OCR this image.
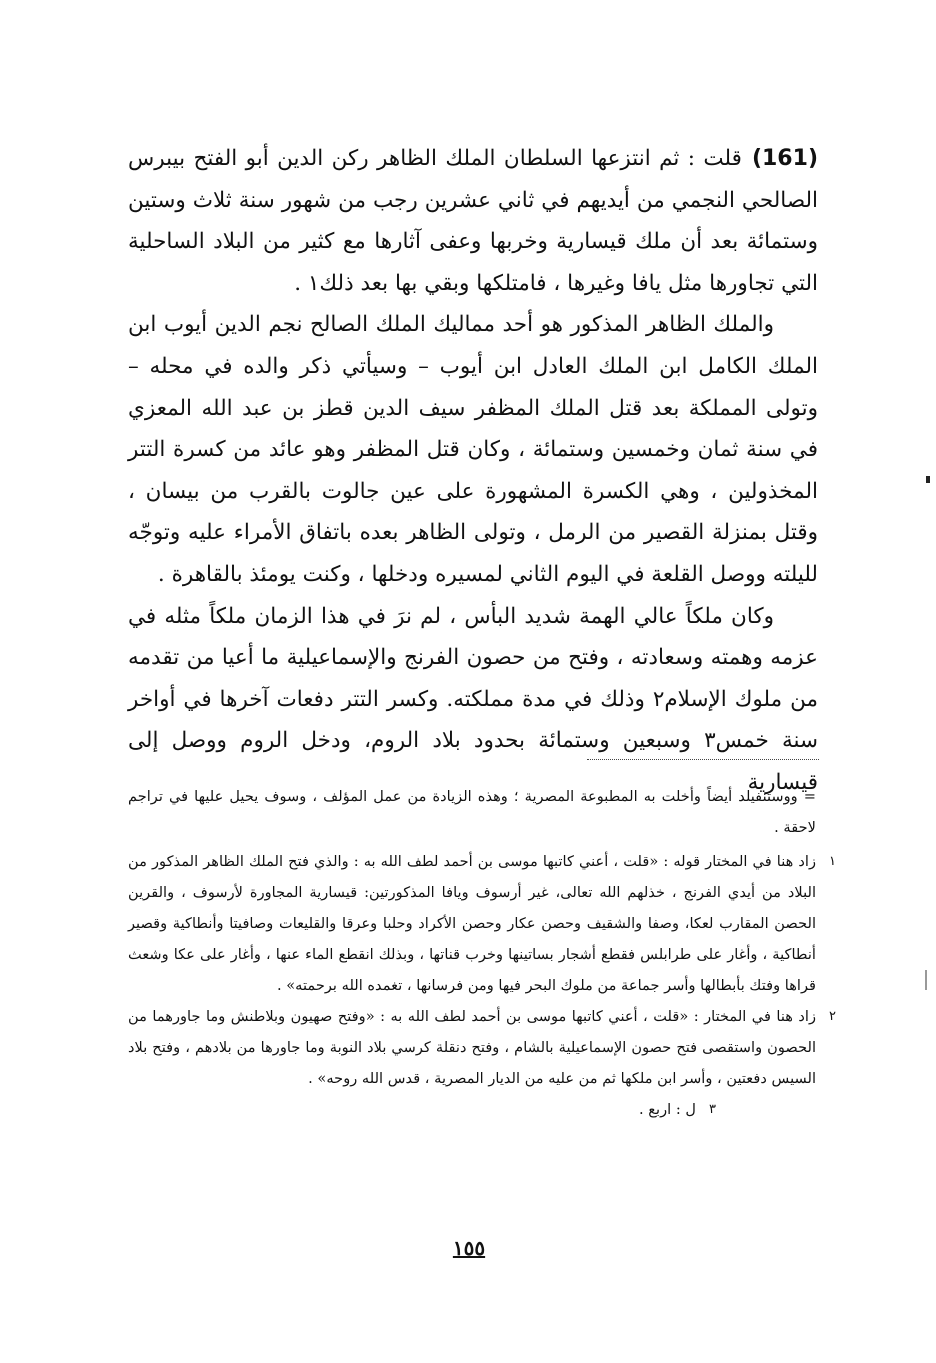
(161)قلت : ثم انتزعها السلطان الملك الظاهر ركن الدين أبو الفتح بيبرس الصالحي النجمي من أيديهم في ثاني عشرين رجب من شهور سنة ثلاث وستين وستمائة بعد أن ملك قيسارية وخربها وعفى آثارها مع كثير من البلاد الساحلية التي تجاورها مثل يافا وغيرها ، فامتلكها وبقي بها بعد ذلك١ .

والملك الظاهر المذكور هو أحد مماليك الملك الصالح نجم الدين أيوب ابن الملك الكامل ابن الملك العادل ابن أيوب – وسيأتي ذكر والده في محله – وتولى المملكة بعد قتل الملك المظفر سيف الدين قطز بن عبد الله المعزي في سنة ثمان وخمسين وستمائة ، وكان قتل المظفر وهو عائد من كسرة التتر المخذولين ، وهي الكسرة المشهورة على عين جالوت بالقرب من بيسان ، وقتل بمنزلة القصير من الرمل ، وتولى الظاهر بعده باتفاق الأمراء عليه وتوجّه لليلته ووصل القلعة في اليوم الثاني لمسيره ودخلها ، وكنت يومئذ بالقاهرة .

وكان ملكاً عالي الهمة شديد البأس ، لم نرَ في هذا الزمان ملكاً مثله في عزمه وهمته وسعادته ، وفتح من حصون الفرنج والإسماعيلية ما أعيا من تقدمه من ملوك الإسلام٢ وذلك في مدة مملكته. وكسر التتر دفعات آخرها في أواخر سنة خمس٣ وسبعين وستمائة بحدود بلاد الروم، ودخل الروم ووصل إلى قيسارية

= ووستنفيلد أيضاً وأخلت به المطبوعة المصرية ؛ وهذه الزيادة من عمل المؤلف ، وسوف يحيل عليها في تراجم لاحقة .

١
زاد هنا في المختار قوله : «قلت ، أعني كاتبها موسى بن أحمد لطف الله به : والذي فتح الملك الظاهر المذكور من البلاد من أيدي الفرنج ، خذلهم الله تعالى، غير أرسوف ويافا المذكورتين: قيسارية المجاورة لأرسوف ، والقرين الحصن المقارب لعكا، وصفا والشقيف وحصن عكار وحصن الأكراد وحلبا وعرقا والقليعات وصافيتا وأنطاكية وقصير أنطاكية ، وأغار على طرابلس فقطع أشجار بساتينها وخرب قناتها ، وبذلك انقطع الماء عنها ، وأغار على عكا وشعث قراها وفتك بأبطالها وأسر جماعة من ملوك البحر فيها ومن فرسانها ، تغمده الله برحمته» .

٢
زاد هنا في المختار : «قلت ، أعني كاتبها موسى بن أحمد لطف الله به : «وفتح صهيون وبلاطنش وما جاورهما من الحصون واستقصى فتح حصون الإسماعيلية بالشام ، وفتح دنقلة كرسي بلاد النوبة وما جاورها من بلادهم ، وفتح بلاد السيس دفعتين ، وأسر ابن ملكها ثم من عليه من الديار المصرية ، قدس الله روحه» .

٣
ل : اربع .

١٥٥
